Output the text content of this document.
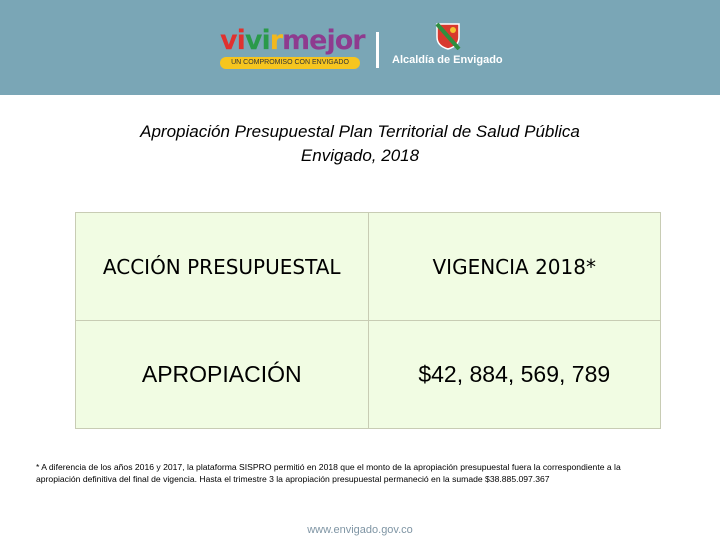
vivirmejor
UN COMPROMISO CON ENVIGADO	Alcaldía de Envigado
Apropiación Presupuestal Plan Territorial de Salud Pública
Envigado, 2018
ACCIÓN PRESUPUESTAL	VIGENCIA 2018*
APROPIACIÓN	$42, 884, 569, 789
* A diferencia de los años 2016 y 2017, la plataforma SISPRO permitió en 2018 que el monto de la apropiación presupuestal fuera la correspondiente a la apropiación definitiva del final de vigencia. Hasta el trimestre 3 la apropiación presupuestal permaneció en la sumade $38.885.097.367
www.envigado.gov.co
